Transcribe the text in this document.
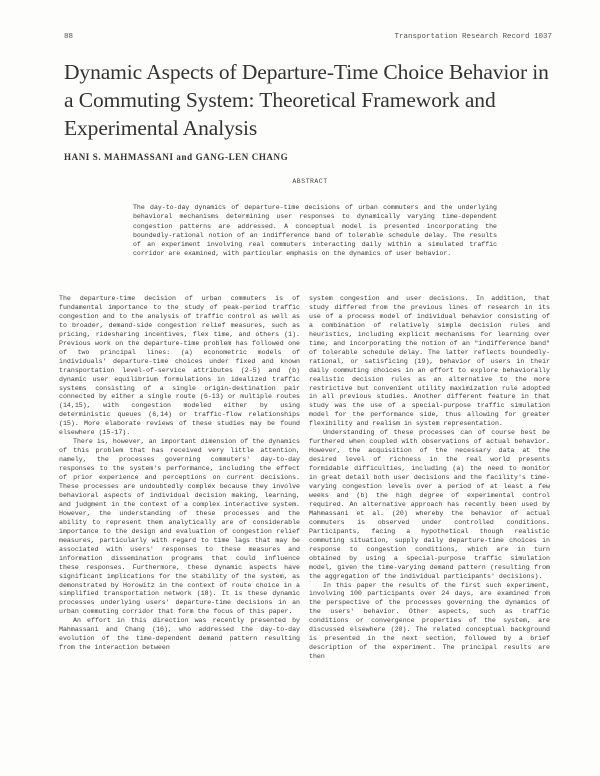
88	Transportation Research Record 1037
Dynamic Aspects of Departure-Time Choice Behavior in a Commuting System: Theoretical Framework and Experimental Analysis
HANI S. MAHMASSANI and GANG-LEN CHANG
ABSTRACT

The day-to-day dynamics of departure-time decisions of urban commuters and the underlying behavioral mechanisms determining user responses to dynamically varying time-dependent congestion patterns are addressed. A conceptual model is presented incorporating the boundedly-rational notion of an indifference band of tolerable schedule delay. The results of an experiment involving real commuters interacting daily within a simulated traffic corridor are examined, with particular emphasis on the dynamics of user behavior.

The departure-time decision of urban commuters is of fundamental importance to the study of peak-period traffic congestion and to the analysis of traffic control as well as to broader, demand-side congestion relief measures, such as pricing, ridesharing incentives, flex time, and others (1). Previous work on the departure-time problem has followed one of two principal lines: (a) econometric models of individuals' departure-time choices under fixed and known transportation level-of-service attributes (2-5) and (b) dynamic user equilibrium formulations in idealized traffic systems consisting of a single origin-destination pair connected by either a single route (6-13) or multiple routes (14,15), with congestion modeled either by using deterministic queues (6,14) or traffic-flow relationships (15). More elaborate reviews of these studies may be found elsewhere (15-17).

There is, however, an important dimension of the dynamics of this problem that has received very little attention, namely, the processes governing commuters' day-to-day responses to the system's performance, including the effect of prior experience and perceptions on current decisions. These processes are undoubtedly complex because they involve behavioral aspects of individual decision making, learning, and judgment in the context of a complex interactive system. However, the understanding of these processes and the ability to represent them analytically are of considerable importance to the design and evaluation of congestion relief measures, particularly with regard to time lags that may be associated with users' responses to these measures and information dissemination programs that could influence these responses. Furthermore, these dynamic aspects have significant implications for the stability of the system, as demonstrated by Horowitz in the context of route choice in a simplified transportation network (18). It is these dynamic processes underlying users' departure-time decisions in an urban commuting corridor that form the focus of this paper.

An effort in this direction was recently presented by Mahmassani and Chang (16), who addressed the day-to-day evolution of the time-dependent demand pattern resulting from the interaction between

system congestion and user decisions. In addition, that study differed from the previous lines of research in its use of a process model of individual behavior consisting of a combination of relatively simple decision rules and heuristics, including explicit mechanisms for learning over time, and incorporating the notion of an "indifference band" of tolerable schedule delay. The latter reflects boundedly-rational, or satisficing (19), behavior of users in their daily commuting choices in an effort to explore behaviorally realistic decision rules as an alternative to the more restrictive but convenient utility maximization rule adopted in all previous studies. Another different feature in that study was the use of a special-purpose traffic simulation model for the performance side, thus allowing for greater flexibility and realism in system representation.

Understanding of these processes can of course best be furthered when coupled with observations of actual behavior. However, the acquisition of the necessary data at the desired level of richness in the real world presents formidable difficulties, including (a) the need to monitor in great detail both user decisions and the facility's time-varying congestion levels over a period of at least a few weeks and (b) the high degree of experimental control required. An alternative approach has recently been used by Mahmassani et al. (20) whereby the behavior of actual commuters is observed under controlled conditions. Participants, facing a hypothetical though realistic commuting situation, supply daily departure-time choices in response to congestion conditions, which are in turn obtained by using a special-purpose traffic simulation model, given the time-varying demand pattern (resulting from the aggregation of the individual participants' decisions).

In this paper the results of the first such experiment, involving 100 participants over 24 days, are examined from the perspective of the processes governing the dynamics of the users' behavior. Other aspects, such as traffic conditions or convergence properties of the system, are discussed elsewhere (20). The related conceptual background is presented in the next section, followed by a brief description of the experiment. The principal results are then
